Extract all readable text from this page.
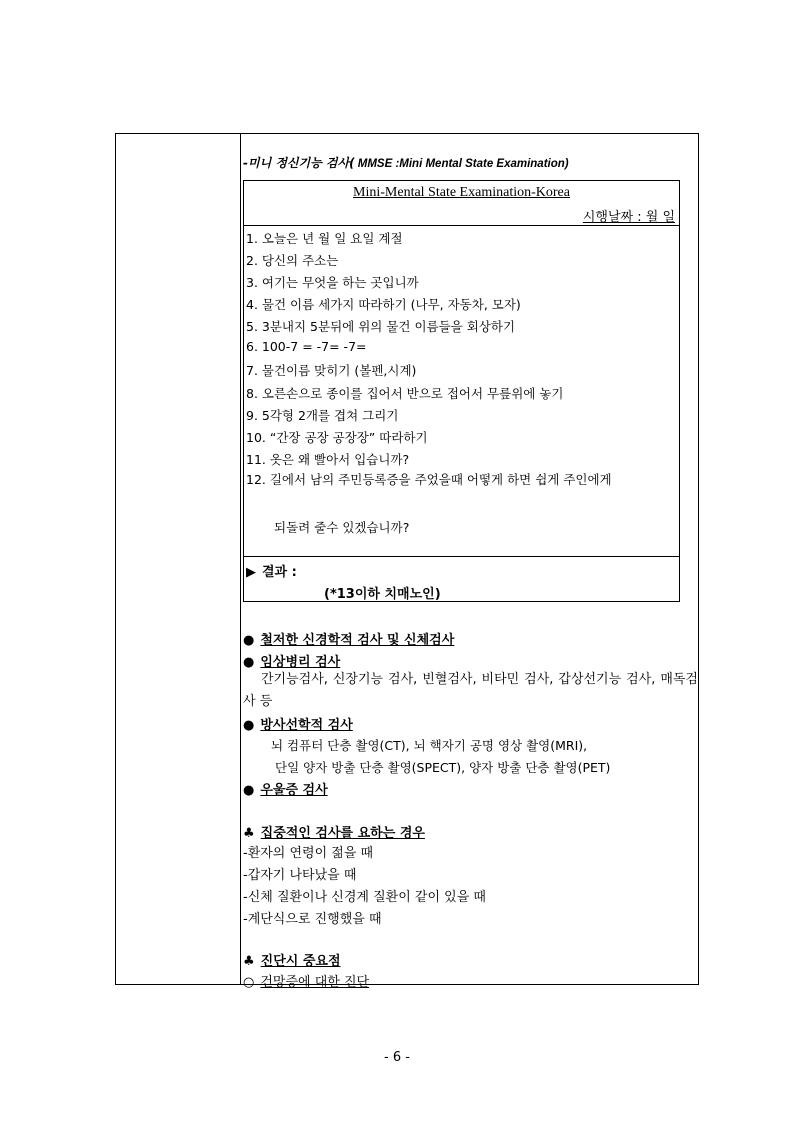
-미니 정신기능 검사( MMSE :Mini Mental State Examination)
Mini-Mental State Examination-Korea
시행날짜 : 월 일
1. 오늘은 년 월 일 요일 계절
2. 당신의 주소는
3. 여기는 무엇을 하는 곳입니까
4. 물건 이름 세가지 따라하기 (나무, 자동차, 모자)
5. 3분내지 5분뒤에 위의 물건 이름들을 회상하기
6. 100-7 = -7= -7=
7. 물건이름 맞히기 (볼펜,시계)
8. 오른손으로 종이를 집어서 반으로 접어서 무릎위에 놓기
9. 5각형 2개를 겹쳐 그리기
10. “간장 공장 공장장” 따라하기
11. 옷은 왜 빨아서 입습니까?
12. 길에서 남의 주민등록증을 주었을때 어떻게 하면 쉽게 주인에게
되돌려 줄수 있겠습니까?
▶ 결과 :
(*13이하 치매노인)
● 철저한 신경학적 검사 및 신체검사
● 임상병리 검사
간기능검사, 신장기능 검사, 빈혈검사, 비타민 검사, 갑상선기능 검사, 매독검사 등
● 방사선학적 검사
뇌 컴퓨터 단층 촬영(CT), 뇌 핵자기 공명 영상 촬영(MRI),
단일 양자 방출 단층 촬영(SPECT), 양자 방출 단층 촬영(PET)
● 우울증 검사
♣ 집중적인 검사를 요하는 경우
-환자의 연령이 젊을 때
-갑자기 나타났을 때
-신체 질환이나 신경계 질환이 같이 있을 때
-계단식으로 진행했을 때
♣ 진단시 중요점
○ 건망증에 대한 진단
- 6 -
